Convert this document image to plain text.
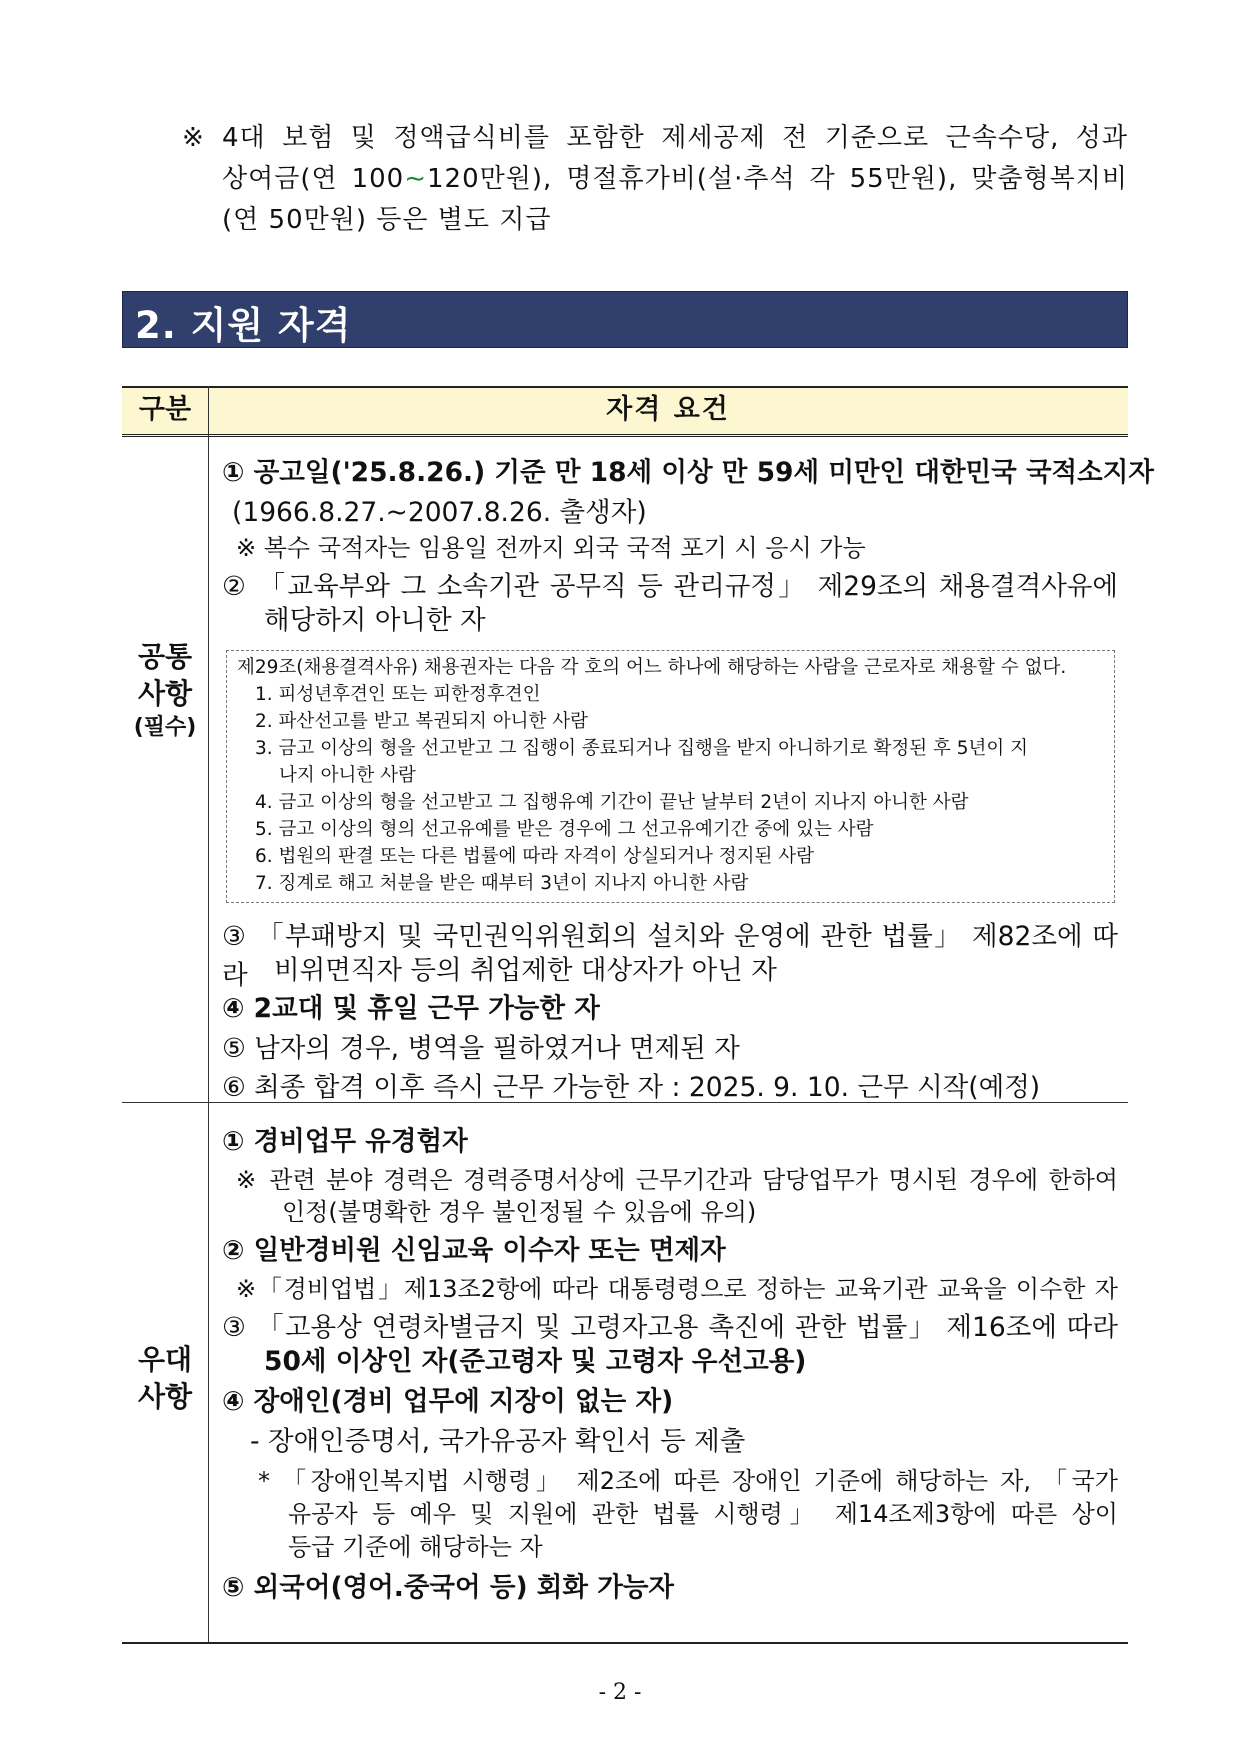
※ 4대 보험 및 정액급식비를 포함한 제세공제 전 기준으로 근속수당, 성과
상여금(연 100∼120만원), 명절휴가비(설·추석 각 55만원), 맞춤형복지비
(연 50만원) 등은 별도 지급
2. 지원 자격
구분	자격 요건
공통
사항
(필수)
① 공고일('25.8.26.) 기준 만 18세 이상 만 59세 미만인 대한민국 국적소지자
(1966.8.27.~2007.8.26. 출생자)
※ 복수 국적자는 임용일 전까지 외국 국적 포기 시 응시 가능
② 「교육부와 그 소속기관 공무직 등 관리규정」 제29조의 채용결격사유에
해당하지 아니한 자
제29조(채용결격사유) 채용권자는 다음 각 호의 어느 하나에 해당하는 사람을 근로자로 채용할 수 없다.
1. 피성년후견인 또는 피한정후견인
2. 파산선고를 받고 복권되지 아니한 사람
3. 금고 이상의 형을 선고받고 그 집행이 종료되거나 집행을 받지 아니하기로 확정된 후 5년이 지
나지 아니한 사람
4. 금고 이상의 형을 선고받고 그 집행유예 기간이 끝난 날부터 2년이 지나지 아니한 사람
5. 금고 이상의 형의 선고유예를 받은 경우에 그 선고유예기간 중에 있는 사람
6. 법원의 판결 또는 다른 법률에 따라 자격이 상실되거나 정지된 사람
7. 징계로 해고 처분을 받은 때부터 3년이 지나지 아니한 사람
③ 「부패방지 및 국민권익위원회의 설치와 운영에 관한 법률」 제82조에 따라 비위면직자 등의 취업제한 대상자가 아닌 자
④ 2교대 및 휴일 근무 가능한 자
⑤ 남자의 경우, 병역을 필하였거나 면제된 자
⑥ 최종 합격 이후 즉시 근무 가능한 자 : 2025. 9. 10. 근무 시작(예정)
우대
사항
① 경비업무 유경험자
※ 관련 분야 경력은 경력증명서상에 근무기간과 담당업무가 명시된 경우에 한하여
인정(불명확한 경우 불인정될 수 있음에 유의)
② 일반경비원 신임교육 이수자 또는 면제자
※「경비업법」제13조2항에 따라 대통령령으로 정하는 교육기관 교육을 이수한 자
③ 「고용상 연령차별금지 및 고령자고용 촉진에 관한 법률」 제16조에 따라
50세 이상인 자(준고령자 및 고령자 우선고용)
④ 장애인(경비 업무에 지장이 없는 자)
- 장애인증명서, 국가유공자 확인서 등 제출
* 「장애인복지법 시행령」 제2조에 따른 장애인 기준에 해당하는 자, 「국가
유공자 등 예우 및 지원에 관한 법률 시행령」 제14조제3항에 따른 상이
등급 기준에 해당하는 자
⑤ 외국어(영어.중국어 등) 회화 가능자
- 2 -
